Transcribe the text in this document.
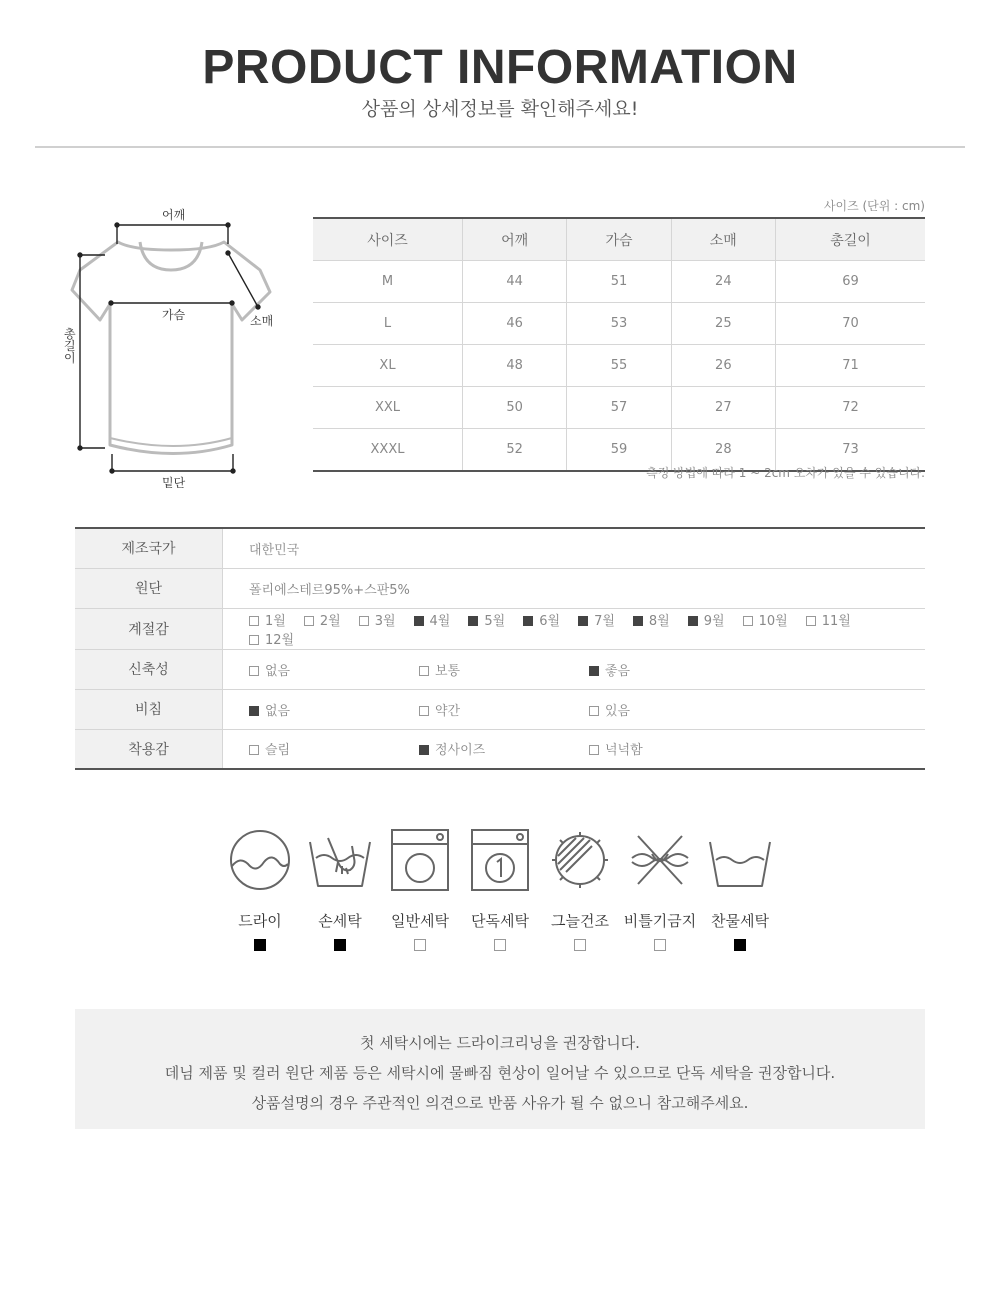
PRODUCT INFORMATION
상품의 상세정보를 확인해주세요!
어깨
가슴	소매
총길이
밑단
사이즈 (단위 : cm)
사이즈	어깨	가슴	소매	총길이
M	44	51	24	69
L	46	53	25	70
XL	48	55	26	71
XXL	50	57	27	72
XXXL	52	59	28	73
측정 방법에 따라 1 ~ 2cm 오차가 있을 수 있습니다.
제조국가	대한민국
원단	폴리에스테르95%+스판5%
계절감	1월 2월 3월 4월 5월 6월 7월 8월 9월 10월 11월12월
신축성	없음 보통 좋음
비침	없음 약간 있음
착용감	슬림 정사이즈 넉넉함
드라이	손세탁	일반세탁	단독세탁	그늘건조 비틀기금지 찬물세탁

첫 세탁시에는 드라이크리닝을 권장합니다.

데님 제품 및 컬러 원단 제품 등은 세탁시에 물빠짐 현상이 일어날 수 있으므로 단독 세탁을 권장합니다.

상품설명의 경우 주관적인 의견으로 반품 사유가 될 수 없으니 참고해주세요.
